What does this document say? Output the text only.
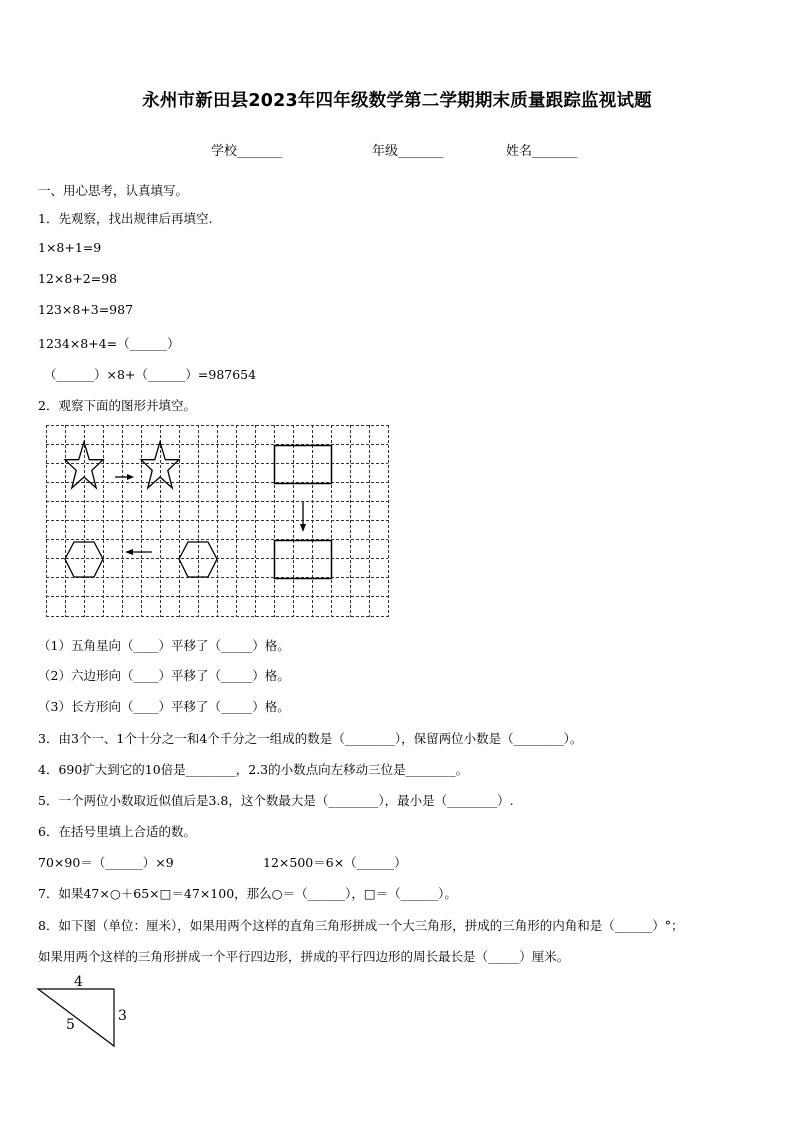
永州市新田县2023年四年级数学第二学期期末质量跟踪监视试题
学校_______	年级_______	姓名_______
一、用心思考，认真填写。
1．先观察，找出规律后再填空.
1×8+1=9
12×8+2=98
123×8+3=987
1234×8+4=（______）
（______）×8+（______）=987654
2．观察下面的图形并填空。
（1）五角星向（____）平移了（_____）格。
（2）六边形向（____）平移了（_____）格。
（3）长方形向（____）平移了（_____）格。
3．由3个一、1个十分之一和4个千分之一组成的数是（________），保留两位小数是（________）。
4．690扩大到它的10倍是________，2.3的小数点向左移动三位是________。
5．一个两位小数取近似值后是3.8，这个数最大是（________），最小是（________）.
6．在括号里填上合适的数。
70×90＝（______）×9	12×500＝6×（______）
7．如果47×○＋65×□＝47×100，那么○＝（______），□＝（______）。
8．如下图（单位：厘米），如果用两个这样的直角三角形拼成一个大三角形，拼成的三角形的内角和是（______）°；
如果用两个这样的三角形拼成一个平行四边形，拼成的平行四边形的周长最长是（_____）厘米。
4
3
5
